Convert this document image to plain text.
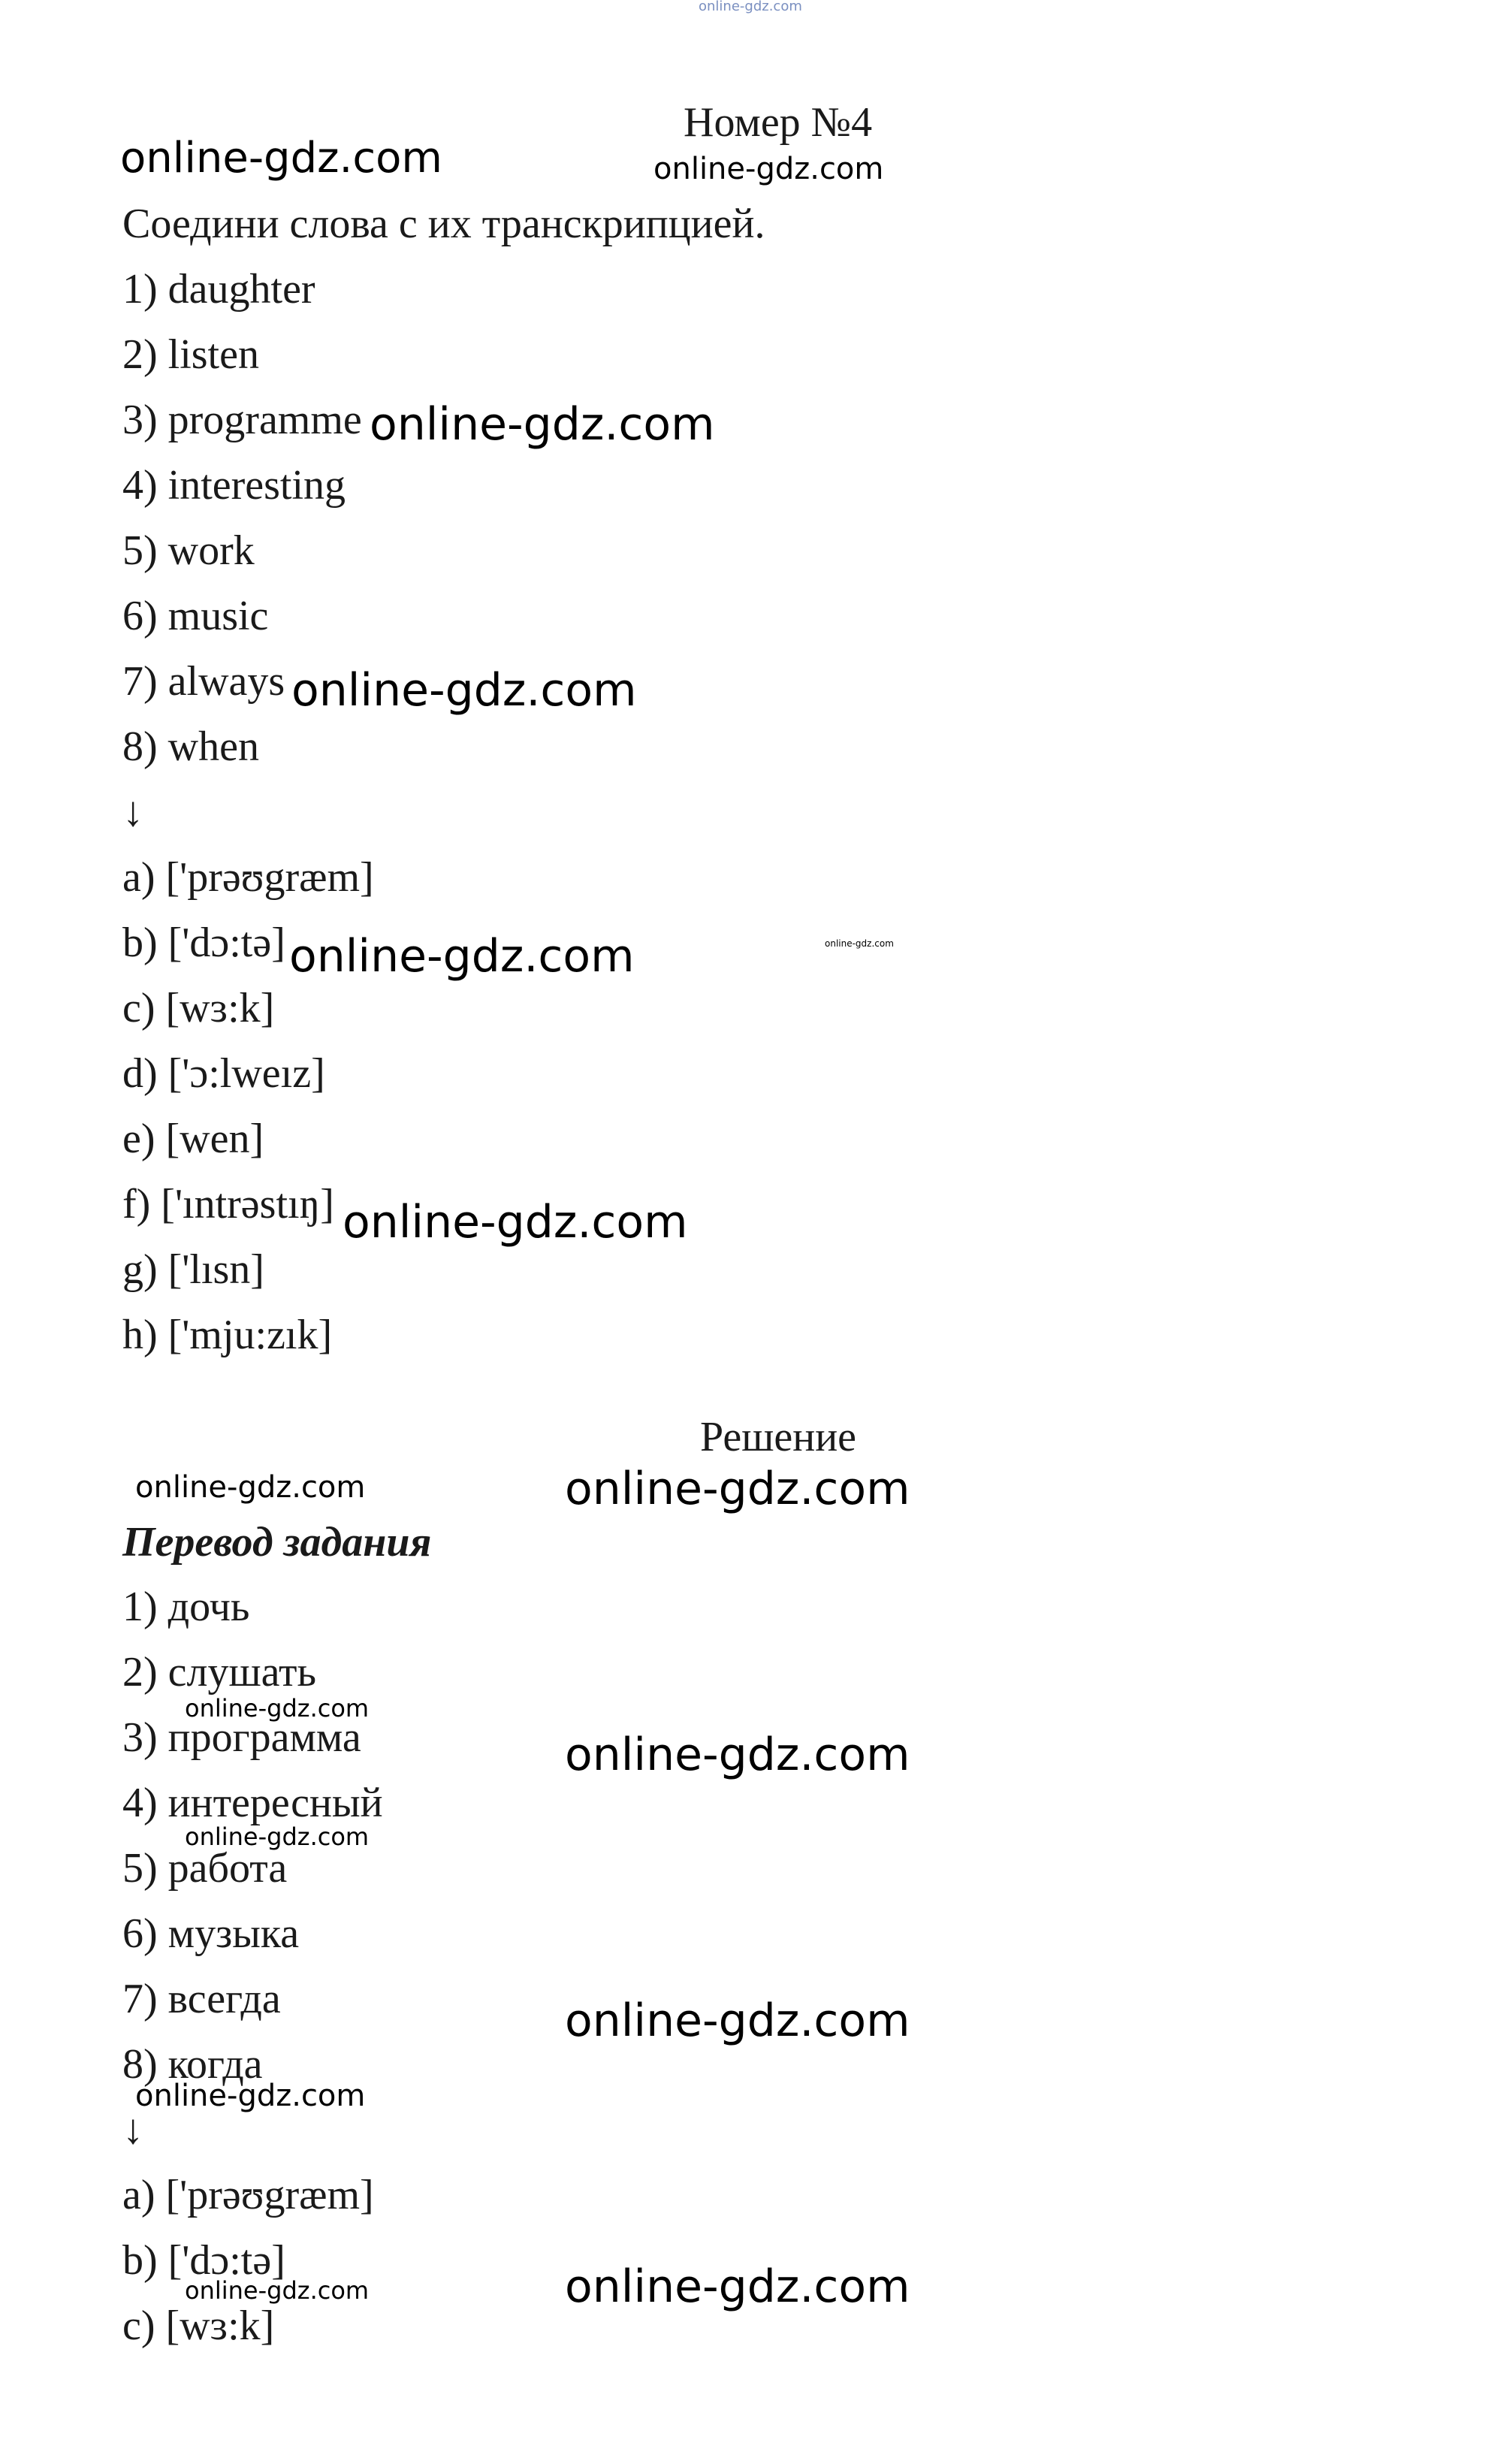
online-gdz.com
Номер №4
online-gdz.com	online-gdz.com
Соедини слова с их транскрипцией.
1) daughter
2) listen
3) programme online-gdz.com
4) interesting
5) work
6) music
7) always online-gdz.com
8) when
↓
a) ['prəʊgræm]
b) ['dɔ:tə] online-gdz.com	online-gdz.com
c) [wɜ:k]
d) ['ɔ:lweız]
e) [wen]
f) ['ıntrəstıŋ] online-gdz.com
g) ['lısn]
h) ['mju:zık]
Решение
online-gdz.com	online-gdz.com
Перевод задания
1) дочь
2) слушать
online-gdz.com
3) программа	online-gdz.com
4) интересный
online-gdz.com
5) работа
6) музыка
7) всегда	online-gdz.com
8) когда
online-gdz.com
↓
a) ['prəʊgræm]
b) ['dɔ:tə]
online-gdz.com	online-gdz.com
c) [wɜ:k]
